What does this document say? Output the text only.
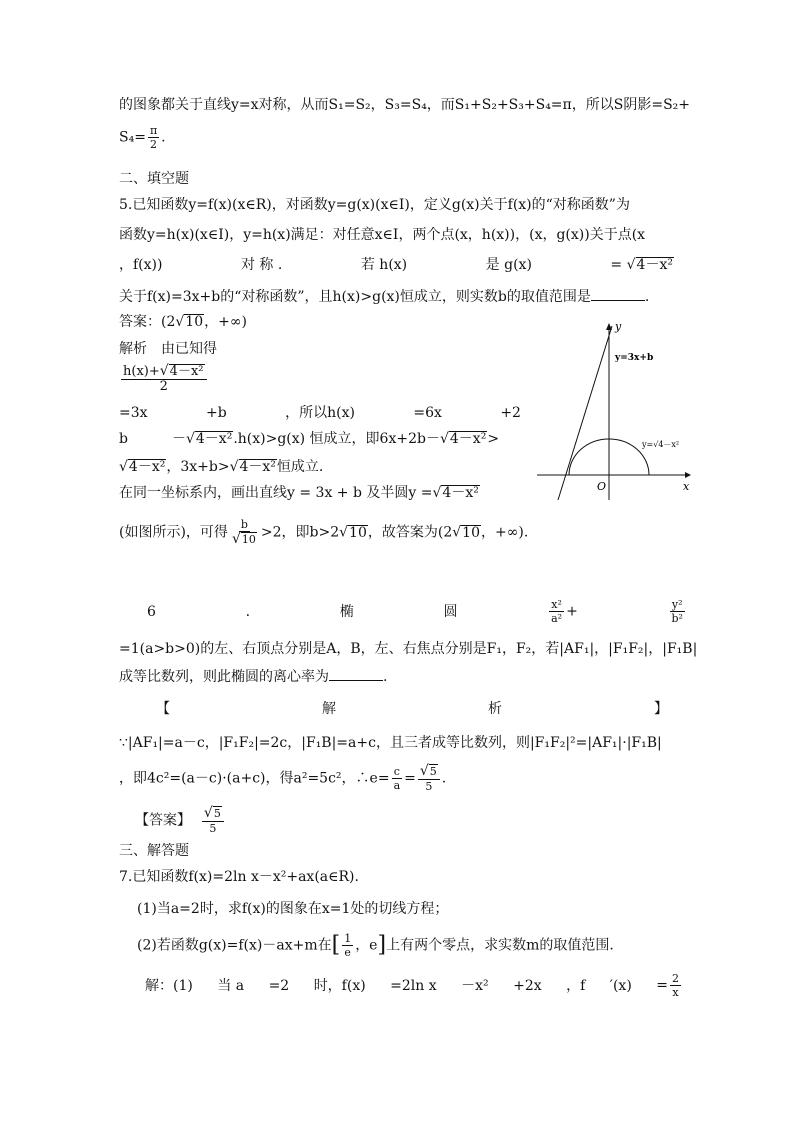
的图象都关于直线y=x对称，从而S₁=S₂，S₃=S₄，而S₁+S₂+S₃+S₄=π，所以S阴影=S₂+
$S_4= \frac{\pi}{2}$ .
二、填空题
5.已知函数y=f(x)(x∈R)，对函数y=g(x)(x∈I)，定义g(x)关于f(x)的“对称函数”为
函数y=h(x)(x∈I)，y=h(x)满足：对任意x∈I，两个点(x，h(x))，(x，g(x))关于点(x
，f(x))	对 称 .	若 h(x)	是 g(x)	= √4－x²
关于f(x)=3x+b的“对称函数”，且h(x)>g(x)恒成立，则实数b的取值范围是	.
答案：(2√10，+∞)
解析　由已知得
$\frac{\text{h(x)+√4－x²}}{2}$
=3x	+b	，所以h(x)	=6x	+2
b	－√4－x².h(x)>g(x) 恒成立，即6x+2b－√4－x²>
√4－x²，3x+b>√4－x²恒成立.
在同一坐标系内，画出直线y = 3x + b 及半圆y =√4－x²
(如图所示)，可得 $\frac{b}{√10} >2$，即b>2√10，故答案为(2√10，+∞).
y
x
O
y=3x+b
y=√4－x²
6	.	椭	圆	$\frac{\text{x²}}{\text{a²}}$ +	$\frac{\text{y²}}{\text{b²}}$
=1(a>b>0)的左、右顶点分别是A，B，左、右焦点分别是F₁，F₂，若|AF₁|，|F₁F₂|，|F₁B|
成等比数列，则此椭圆的离心率为	.
【	解	析	】
∵|AF₁|=a－c，|F₁F₂|=2c，|F₁B|=a+c，且三者成等比数列，则|F₁F₂|²=|AF₁|·|F₁B|
，即4c²=(a－c)·(a+c)，得a²=5c²，∴e= $\frac{c}{a} = \frac{√5}{5}$ .
【答案】 $\frac{√5}{5}$
三、解答题
7.已知函数f(x)=2ln x－x²+ax(a∈R).
(1)当a=2时，求f(x)的图象在x=1处的切线方程；
(2)若函数g(x)=f(x)－ax+m在[ $\frac{1}{e}$ ，e]上有两个零点，求实数m的取值范围.
解：(1) 当 a =2 时，f(x) =2ln x －x² +2x ，f $'(x) = \frac{2}{x}$
